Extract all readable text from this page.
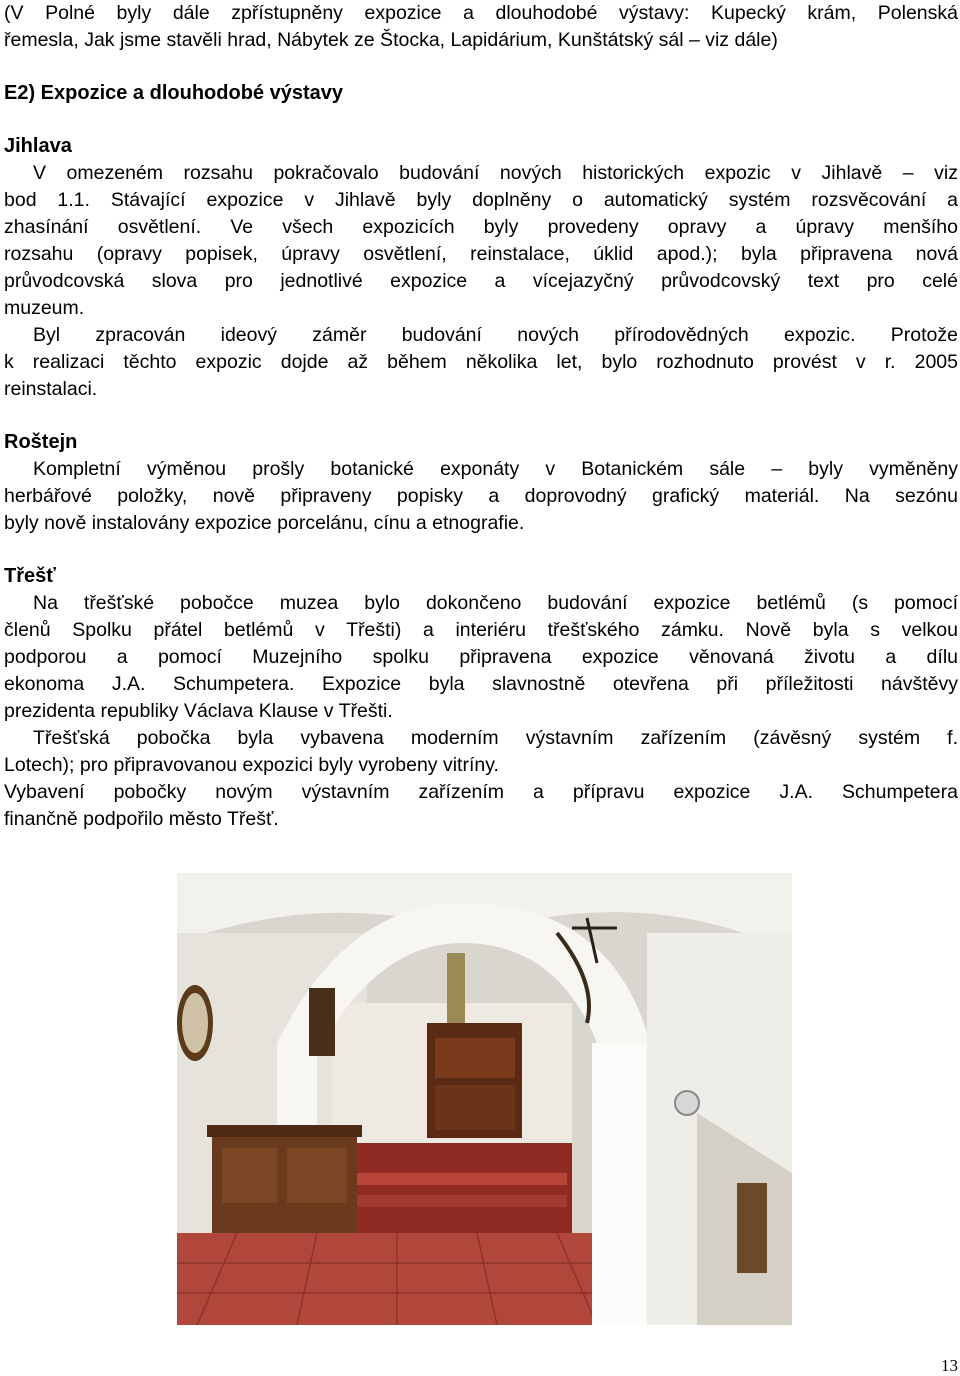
(V Polné byly dále zpřístupněny expozice a dlouhodobé výstavy: Kupecký krám, Polenská
řemesla, Jak jsme stavěli hrad, Nábytek ze Štocka, Lapidárium, Kunštátský sál – viz dále)
E2) Expozice a dlouhodobé výstavy
Jihlava
V omezeném rozsahu pokračovalo budování nových historických expozic v Jihlavě – viz
bod 1.1. Stávající expozice v Jihlavě byly doplněny o automatický systém rozsvěcování a
zhasínání osvětlení. Ve všech expozicích byly provedeny opravy a úpravy menšího
rozsahu (opravy popisek, úpravy osvětlení, reinstalace, úklid apod.); byla připravena nová
průvodcovská slova pro jednotlivé expozice a vícejazyčný průvodcovský text pro celé
muzeum.
Byl zpracován ideový záměr budování nových přírodovědných expozic. Protože
k realizaci těchto expozic dojde až během několika let, bylo rozhodnuto provést v r. 2005
reinstalaci.
Roštejn
Kompletní výměnou prošly botanické exponáty v Botanickém sále – byly vyměněny
herbářové položky, nově připraveny popisky a doprovodný grafický materiál. Na sezónu
byly nově instalovány expozice porcelánu, cínu a etnografie.
Třešť
Na třešťské pobočce muzea bylo dokončeno budování expozice betlémů (s pomocí
členů Spolku přátel betlémů v Třešti) a interiéru třešťského zámku. Nově byla s velkou
podporou a pomocí Muzejního spolku připravena expozice věnovaná životu a dílu
ekonoma J.A. Schumpetera. Expozice byla slavnostně otevřena při příležitosti návštěvy
prezidenta republiky Václava Klause v Třešti.
Třešťská pobočka byla vybavena moderním výstavním zařízením (závěsný systém f.
Lotech); pro připravovanou expozici byly vyrobeny vitríny.
Vybavení pobočky novým výstavním zařízením a přípravu expozice J.A. Schumpetera
finančně podpořilo město Třešť.
13
